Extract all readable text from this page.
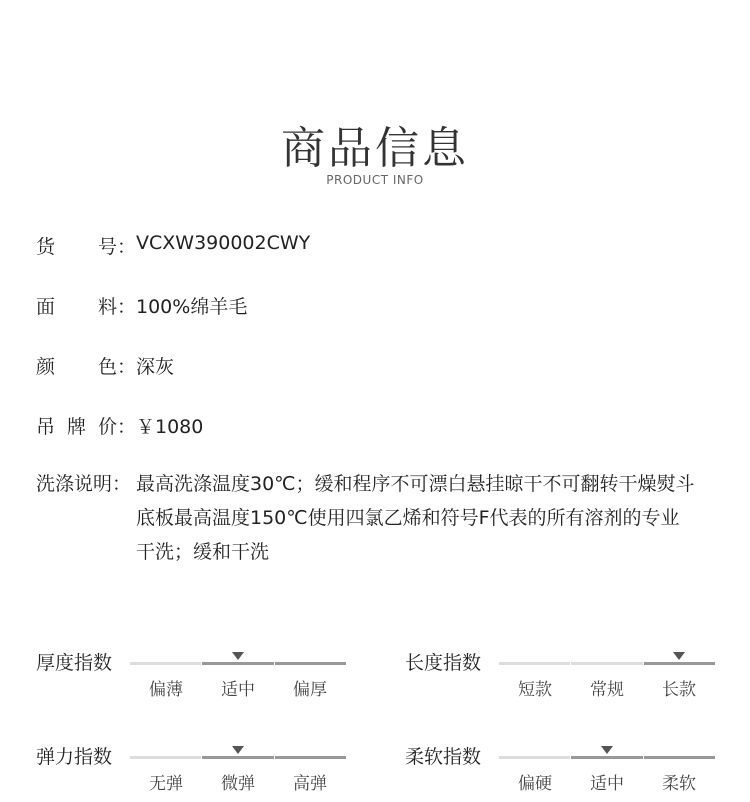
商品信息
PRODUCT INFO
货 号： VCXW390002CWY
面 料： 100%绵羊毛
颜 色： 深灰
吊 牌 价： ￥1080
洗涤说明： 最高洗涤温度30℃；缓和程序不可漂白悬挂晾干不可翻转干燥熨斗
底板最高温度150℃使用四氯乙烯和符号F代表的所有溶剂的专业
干洗；缓和干洗
厚度指数
偏薄	适中	偏厚
长度指数
短款	常规	长款
弹力指数
无弹	微弹	高弹
柔软指数
偏硬	适中	柔软
